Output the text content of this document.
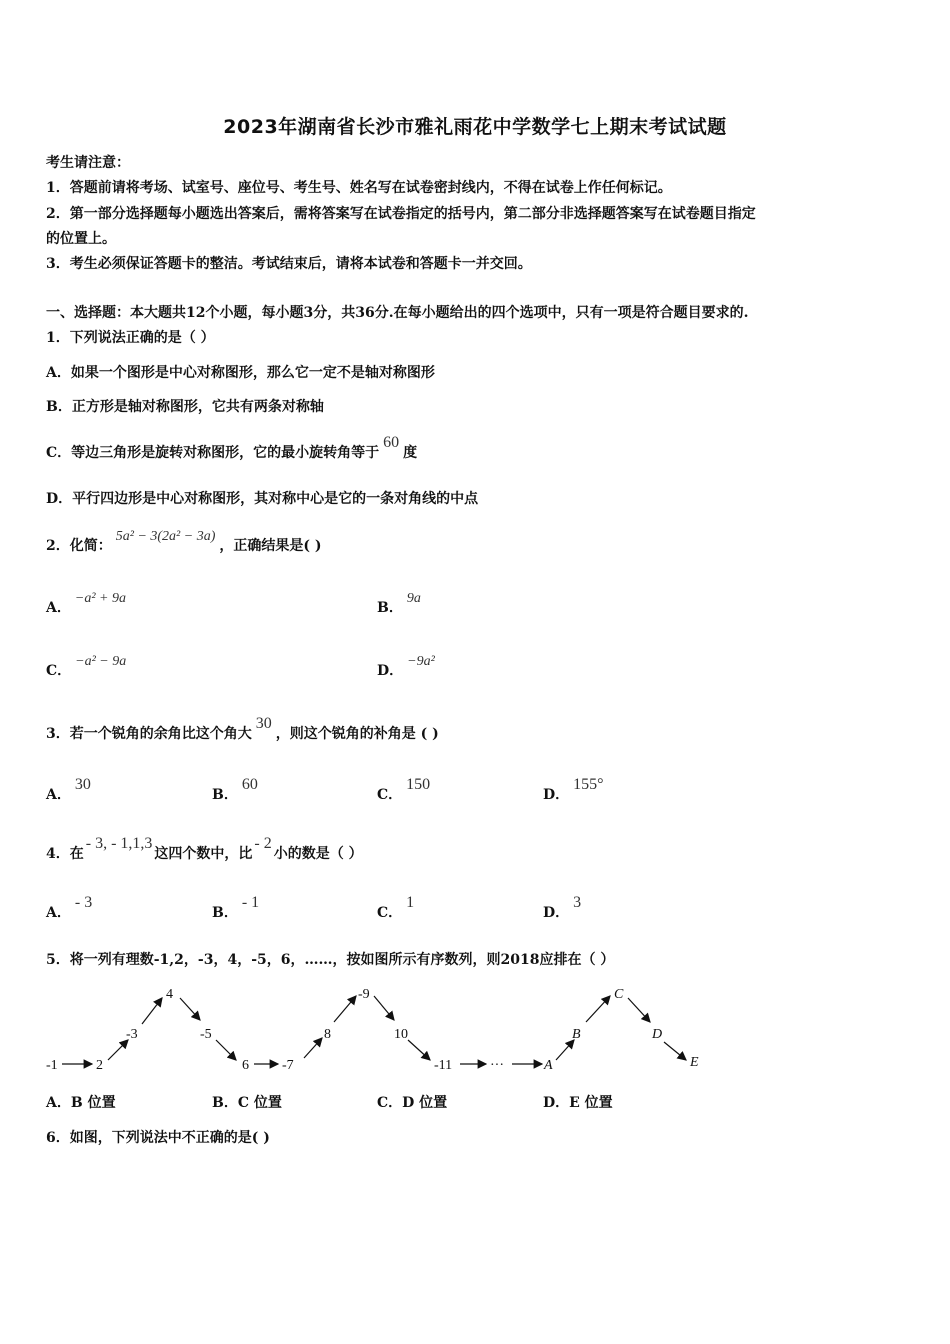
2023年湖南省长沙市雅礼雨花中学数学七上期末考试试题
考生请注意：
1．答题前请将考场、试室号、座位号、考生号、姓名写在试卷密封线内，不得在试卷上作任何标记。
2．第一部分选择题每小题选出答案后，需将答案写在试卷指定的括号内，第二部分非选择题答案写在试卷题目指定
的位置上。
3．考生必须保证答题卡的整洁。考试结束后，请将本试卷和答题卡一并交回。
一、选择题：本大题共12个小题，每小题3分，共36分.在每小题给出的四个选项中，只有一项是符合题目要求的.
1．下列说法正确的是（ ）
A．如果一个图形是中心对称图形，那么它一定不是轴对称图形
B．正方形是轴对称图形，它共有两条对称轴
C．等边三角形是旋转对称图形，它的最小旋转角等于60度
D．平行四边形是中心对称图形，其对称中心是它的一条对角线的中点
2．化简：5a² − 3(2a² − 3a)，正确结果是( )
A．−a² + 9a
B．9a
C．−a² − 9a
D．−9a²
3．若一个锐角的余角比这个角大30，则这个锐角的补角是 ( )
A．30
B．60
C．150
D．155°
4．在- 3, - 1,1,3这四个数中，比- 2小的数是（ ）
A．- 3
B．- 1
C．1
D．3
5．将一列有理数-1,2，-3，4，-5，6，……，按如图所示有序数列，则2018应排在（ ）
-1	2
-3
4
-5
6 -7
8
-9
10
-11	···	A
B
C
D
E
A．B 位置	B．C 位置	C．D 位置	D．E 位置
6．如图，下列说法中不正确的是( )
